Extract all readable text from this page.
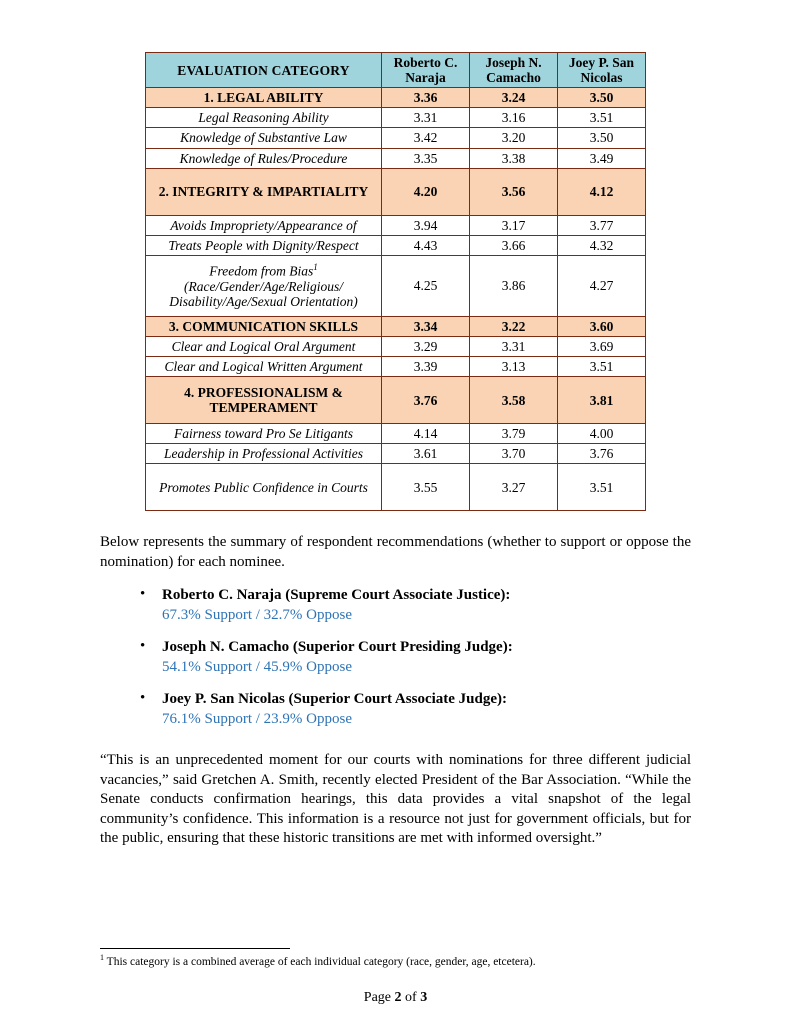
EVALUATION CATEGORY	Roberto C. Naraja	Joseph N. Camacho	Joey P. San Nicolas
1. LEGAL ABILITY	3.36	3.24	3.50
Legal Reasoning Ability	3.31	3.16	3.51
Knowledge of Substantive Law	3.42	3.20	3.50
Knowledge of Rules/Procedure	3.35	3.38	3.49
2. INTEGRITY & IMPARTIALITY	4.20	3.56	4.12
Avoids Impropriety/Appearance of	3.94	3.17	3.77
Treats People with Dignity/Respect	4.43	3.66	4.32
Freedom from Bias$^1$
(Race/Gender/Age/Religious/
Disability/Age/Sexual Orientation)	4.25	3.86	4.27
3. COMMUNICATION SKILLS	3.34	3.22	3.60
Clear and Logical Oral Argument	3.29	3.31	3.69
Clear and Logical Written Argument	3.39	3.13	3.51
4. PROFESSIONALISM & TEMPERAMENT	3.76	3.58	3.81
Fairness toward Pro Se Litigants	4.14	3.79	4.00
Leadership in Professional Activities	3.61	3.70	3.76
Promotes Public Confidence in Courts	3.55	3.27	3.51

Below represents the summary of respondent recommendations (whether to support or oppose the nomination) for each nominee.

• Roberto C. Naraja (Supreme Court Associate Justice):
67.3% Support / 32.7% Oppose
• Joseph N. Camacho (Superior Court Presiding Judge):
54.1% Support / 45.9% Oppose
• Joey P. San Nicolas (Superior Court Associate Judge):
76.1% Support / 23.9% Oppose

“This is an unprecedented moment for our courts with nominations for three different judicial vacancies,” said Gretchen A. Smith, recently elected President of the Bar Association. “While the Senate conducts confirmation hearings, this data provides a vital snapshot of the legal community’s confidence. This information is a resource not just for government officials, but for the public, ensuring that these historic transitions are met with informed oversight.”

$^1$ This category is a combined average of each individual category (race, gender, age, etcetera).
Page 2 of 3
